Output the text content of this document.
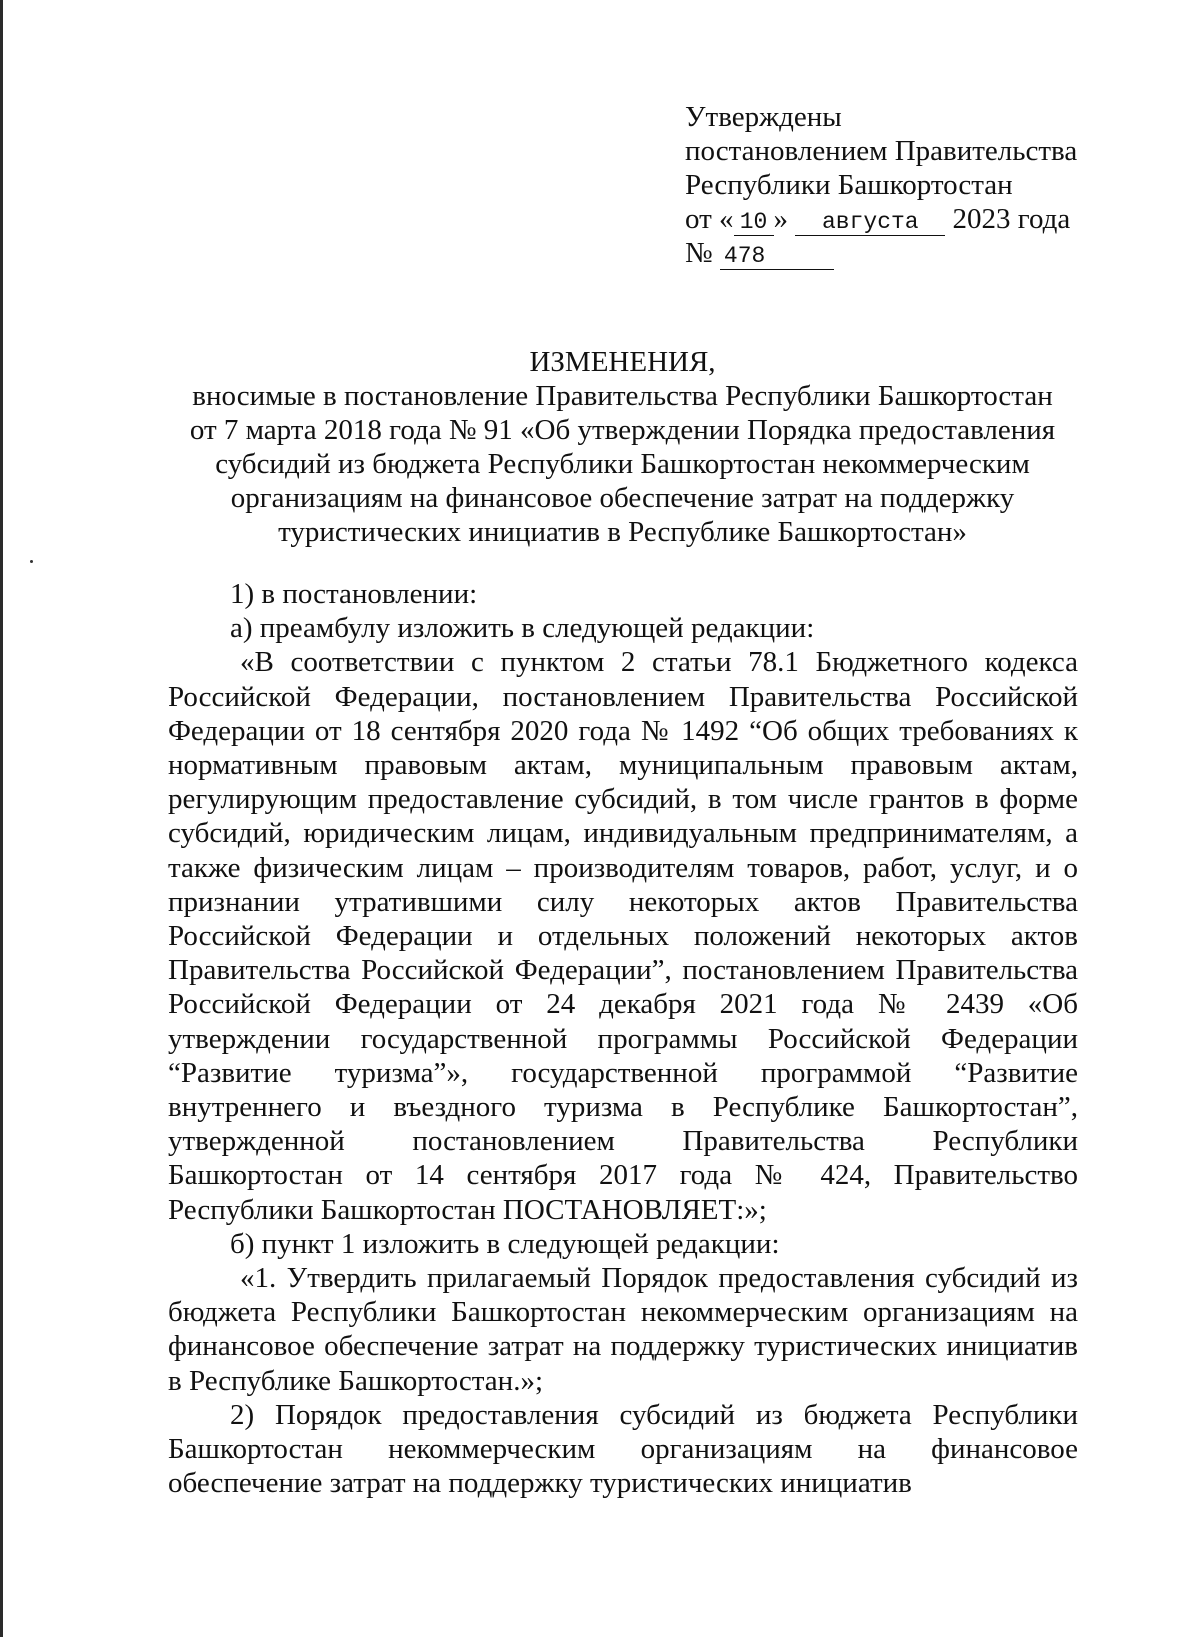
Утверждены
постановлением Правительства
Республики Башкортостан
от « 10 » августа 2023 года
№ 478
ИЗМЕНЕНИЯ,
вносимые в постановление Правительства Республики Башкортостан
от 7 марта 2018 года № 91 «Об утверждении Порядка предоставления
субсидий из бюджета Республики Башкортостан некоммерческим
организациям на финансовое обеспечение затрат на поддержку
туристических инициатив в Республике Башкортостан»

1) в постановлении:

а) преамбулу изложить в следующей редакции:

«В соответствии с пунктом 2 статьи 78.1 Бюджетного кодекса Российской Федерации, постановлением Правительства Российской Федерации от 18 сентября 2020 года № 1492 “Об общих требованиях к нормативным правовым актам, муниципальным правовым актам, регулирующим предоставление субсидий, в том числе грантов в форме субсидий, юридическим лицам, индивидуальным предпринимателям, а также физическим лицам – производителям товаров, работ, услуг, и о признании утратившими силу некоторых актов Правительства Российской Федерации и отдельных положений некоторых актов Правительства Российской Федерации”, постановлением Правительства Российской Федерации от 24 декабря 2021 года № 2439 «Об утверждении государственной программы Российской Федерации “Развитие туризма”», государственной программой “Развитие внутреннего и въездного туризма в Республике Башкортостан”, утвержденной постановлением Правительства Республики Башкортостан от 14 сентября 2017 года № 424, Правительство Республики Башкортостан ПОСТАНОВЛЯЕТ:»;

б) пункт 1 изложить в следующей редакции:

«1. Утвердить прилагаемый Порядок предоставления субсидий из бюджета Республики Башкортостан некоммерческим организациям на финансовое обеспечение затрат на поддержку туристических инициатив в Республике Башкортостан.»;

2) Порядок предоставления субсидий из бюджета Республики Башкортостан некоммерческим организациям на финансовое обеспечение затрат на поддержку туристических инициатив
